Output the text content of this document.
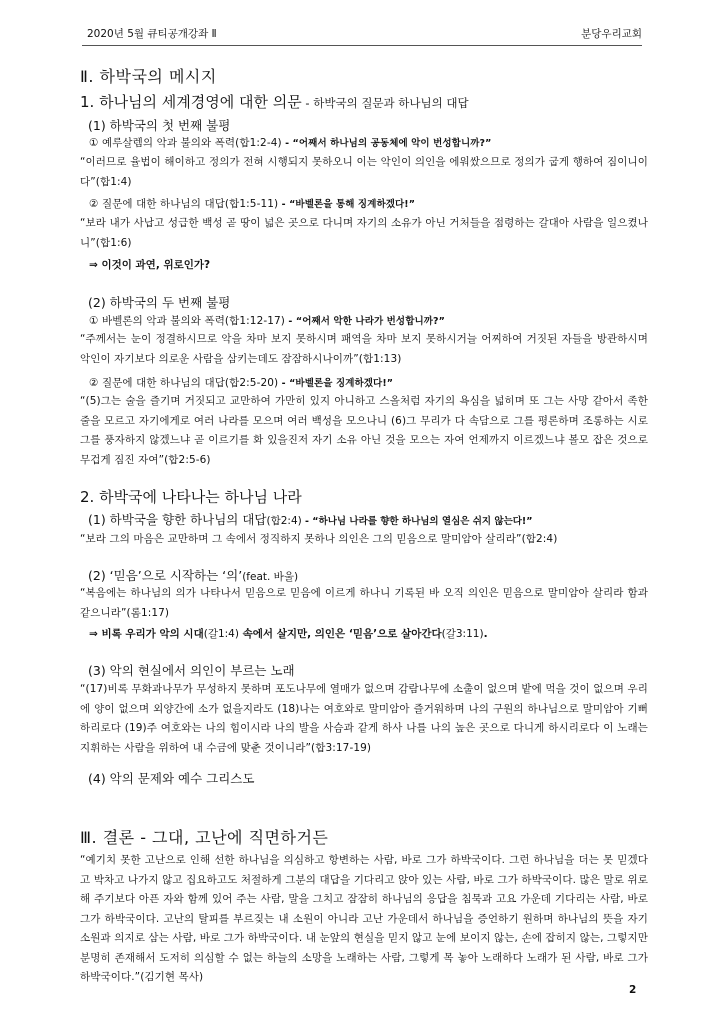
2020년 5월 큐티공개강좌 Ⅱ	분당우리교회
Ⅱ. 하박국의 메시지
1. 하나님의 세계경영에 대한 의문 - 하박국의 질문과 하나님의 대답
(1) 하박국의 첫 번째 불평
① 예루살렘의 악과 불의와 폭력(합1:2-4) - “어째서 하나님의 공동체에 악이 번성합니까?”
“이러므로 율법이 해이하고 정의가 전혀 시행되지 못하오니 이는 악인이 의인을 에워쌌으므로 정의가 굽게 행하여 짐이니이다”(합1:4)
② 질문에 대한 하나님의 대답(합1:5-11) - “바벨론을 통해 징계하겠다!”
“보라 내가 사납고 성급한 백성 곧 땅이 넓은 곳으로 다니며 자기의 소유가 아닌 거처들을 점령하는 갈대아 사람을 일으켰나니”(합1:6)
⇒ 이것이 과연, 위로인가?
(2) 하박국의 두 번째 불평
① 바벨론의 악과 불의와 폭력(합1:12-17) - “어째서 악한 나라가 번성합니까?”
“주께서는 눈이 정결하시므로 악을 차마 보지 못하시며 패역을 차마 보지 못하시거늘 어찌하여 거짓된 자들을 방관하시며 악인이 자기보다 의로운 사람을 삼키는데도 잠잠하시나이까”(합1:13)
② 질문에 대한 하나님의 대답(합2:5-20) - “바벨론을 징계하겠다!”
“(5)그는 술을 즐기며 거짓되고 교만하여 가만히 있지 아니하고 스올처럼 자기의 욕심을 넓히며 또 그는 사망 같아서 족한 줄을 모르고 자기에게로 여러 나라를 모으며 여러 백성을 모으나니 (6)그 무리가 다 속담으로 그를 평론하며 조롱하는 시로 그를 풍자하지 않겠느냐 곧 이르기를 화 있을진저 자기 소유 아닌 것을 모으는 자여 언제까지 이르겠느냐 볼모 잡은 것으로 무겁게 짐진 자여”(합2:5-6)
2. 하박국에 나타나는 하나님 나라
(1) 하박국을 향한 하나님의 대답(합2:4) - “하나님 나라를 향한 하나님의 열심은 쉬지 않는다!”
“보라 그의 마음은 교만하며 그 속에서 정직하지 못하나 의인은 그의 믿음으로 말미암아 살리라”(합2:4)
(2) ‘믿음’으로 시작하는 ‘의’(feat. 바울)
“복음에는 하나님의 의가 나타나서 믿음으로 믿음에 이르게 하나니 기록된 바 오직 의인은 믿음으로 말미암아 살리라 함과 같으니라”(롬1:17)
⇒ 비록 우리가 악의 시대(갈1:4) 속에서 살지만, 의인은 ‘믿음’으로 살아간다(갈3:11).
(3) 악의 현실에서 의인이 부르는 노래
“(17)비록 무화과나무가 무성하지 못하며 포도나무에 열매가 없으며 감람나무에 소출이 없으며 밭에 먹을 것이 없으며 우리에 양이 없으며 외양간에 소가 없을지라도 (18)나는 여호와로 말미암아 즐거워하며 나의 구원의 하나님으로 말미암아 기뻐하리로다 (19)주 여호와는 나의 힘이시라 나의 발을 사슴과 같게 하사 나를 나의 높은 곳으로 다니게 하시리로다 이 노래는 지휘하는 사람을 위하여 내 수금에 맞춘 것이니라”(합3:17-19)
(4) 악의 문제와 예수 그리스도
Ⅲ. 결론 - 그대, 고난에 직면하거든
“예기치 못한 고난으로 인해 선한 하나님을 의심하고 항변하는 사람, 바로 그가 하박국이다. 그런 하나님을 더는 못 믿겠다고 박차고 나가지 않고 집요하고도 처절하게 그분의 대답을 기다리고 앉아 있는 사람, 바로 그가 하박국이다. 많은 말로 위로해 주기보다 아픈 자와 함께 있어 주는 사람, 말을 그치고 잠잠히 하나님의 응답을 침묵과 고요 가운데 기다리는 사람, 바로 그가 하박국이다. 고난의 탈피를 부르짖는 내 소원이 아니라 고난 가운데서 하나님을 증언하기 원하며 하나님의 뜻을 자기 소원과 의지로 삼는 사람, 바로 그가 하박국이다. 내 눈앞의 현실을 믿지 않고 눈에 보이지 않는, 손에 잡히지 않는, 그렇지만 분명히 존재해서 도저히 의심할 수 없는 하늘의 소망을 노래하는 사람, 그렇게 목 놓아 노래하다 노래가 된 사람, 바로 그가 하박국이다.”(김기현 목사)
2
